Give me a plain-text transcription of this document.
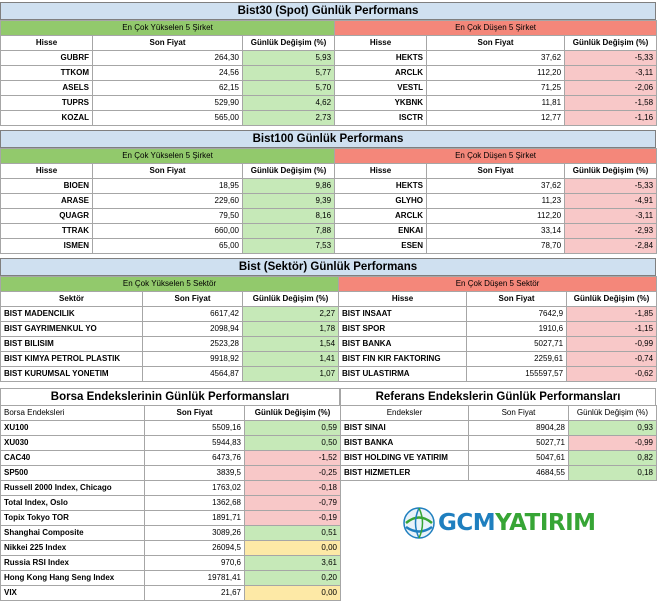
Bist30 (Spot) Günlük Performans
En Çok Yükselen 5 Şirket			En Çok Düşen 5 Şirket		
Hisse	Son Fiyat	Günlük Değişim (%)	Hisse	Son Fiyat	Günlük Değişim (%)
GUBRF	264,30	5,93	HEKTS	37,62	-5,33
TTKOM	24,56	5,77	ARCLK	112,20	-3,11
ASELS	62,15	5,70	VESTL	71,25	-2,06
TUPRS	529,90	4,62	YKBNK	11,81	-1,58
KOZAL	565,00	2,73	ISCTR	12,77	-1,16
Bist100 Günlük Performans
En Çok Yükselen 5 Şirket			En Çok Düşen 5 Şirket		
Hisse	Son Fiyat	Günlük Değişim (%)	Hisse	Son Fiyat	Günlük Değişim (%)
BIOEN	18,95	9,86	HEKTS	37,62	-5,33
ARASE	229,60	9,39	GLYHO	11,23	-4,91
QUAGR	79,50	8,16	ARCLK	112,20	-3,11
TTRAK	660,00	7,88	ENKAI	33,14	-2,93
ISMEN	65,00	7,53	ESEN	78,70	-2,84
Bist (Sektör) Günlük Performans
En Çok Yükselen 5 Sektör			En Çok Düşen 5 Sektör		
Sektör	Son Fiyat	Günlük Değişim (%)	Hisse	Son Fiyat	Günlük Değişim (%)
BIST MADENCILIK	6617,42	2,27	BIST INSAAT	7642,9	-1,85
BIST GAYRIMENKUL YO	2098,94	1,78	BIST SPOR	1910,6	-1,15
BIST BILISIM	2523,28	1,54	BIST BANKA	5027,71	-0,99
BIST KIMYA PETROL PLASTIK	9918,92	1,41	BIST FIN KIR FAKTORING	2259,61	-0,74
BIST KURUMSAL YONETIM	4564,87	1,07	BIST ULASTIRMA	155597,57	-0,62
Borsa Endekslerinin Günlük Performansları
Borsa Endeksleri	Son Fiyat	Günlük Değişim (%)
XU100	5509,16	0,59
XU030	5944,83	0,50
CAC40	6473,76	-1,52
SP500	3839,5	-0,25
Russell 2000 Index, Chicago	1763,02	-0,18
Total Index, Oslo	1362,68	-0,79
Topix Tokyo TOR	1891,71	-0,19
Shanghai Composite	3089,26	0,51
Nikkei 225 Index	26094,5	0,00
Russia RSI Index	970,6	3,61
Hong Kong Hang Seng Index	19781,41	0,20
VIX	21,67	0,00
Referans Endekslerin Günlük Performansları
Endeksler	Son Fiyat	Günlük Değişim (%)
BIST SINAI	8904,28	0,93
BIST BANKA	5027,71	-0,99
BIST HOLDING VE YATIRIM	5047,61	0,82
BIST HIZMETLER	4684,55	0,18
GCMYATIRIM
